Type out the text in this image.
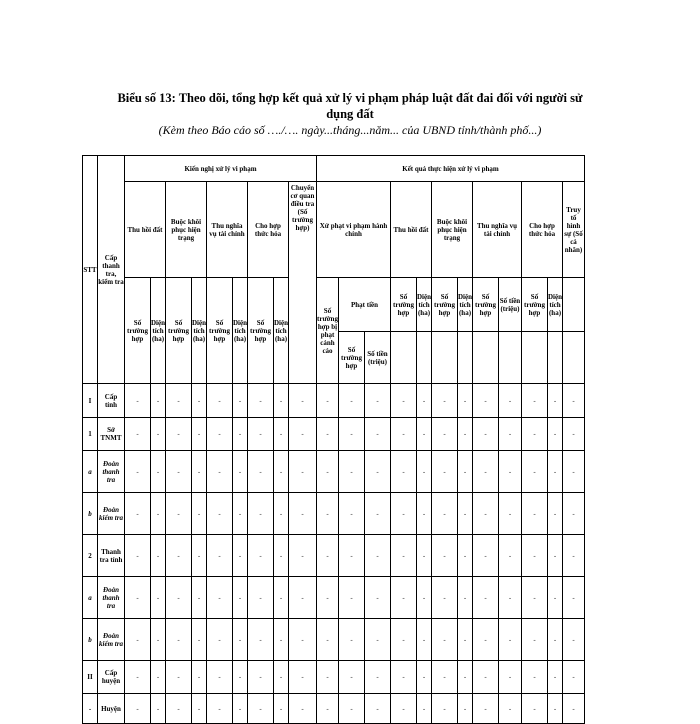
Biểu số 13: Theo dõi, tổng hợp kết quả xử lý vi phạm pháp luật đất đai đối với người sử
dụng đất
(Kèm theo Báo cáo số …./…. ngày...tháng...năm... của UBND tỉnh/thành phố...)
STT	Cấp thanh tra, kiểm tra	Kiến nghị xử lý vi phạm									Kết quả thực hiện xử lý vi phạm											
		Thu hồi đất		Buộc khôi phục hiện trạng		Thu nghĩa vụ tài chính		Cho hợp thức hóa		Chuyển cơ quan điều tra (Số trường hợp)	Xử phạt vi phạm hành chính			Thu hồi đất		Buộc khôi phục hiện trạng		Thu nghĩa vụ tài chính		Cho hợp thức hóa		Truy tố hình sự (Số cá nhân)
		Số trường hợp	Diện tích (ha)	Số trường hợp	Diện tích (ha)	Số trường hợp	Diện tích (ha)	Số trường hợp	Diện tích (ha)		Số trường hợp bị phạt cảnh cáo	Phạt tiền		Số trường hợp	Diện tích (ha)	Số trường hợp	Diện tích (ha)	Số trường hợp	Số tiền (triệu)	Số trường hợp	Diện tích (ha)	
												Số trường hợp	Số tiền (triệu)									
I	Cấp tỉnh	-	-	-	-	-	-	-	-	-	-	-	-	-	-	-	-	-	-	-	-	-
1	Sở TNMT	-	-	-	-	-	-	-	-	-	-	-	-	-	-	-	-	-	-	-	-	-
a	Đoàn thanh tra	-	-	-	-	-	-	-	-	-	-	-	-	-	-	-	-	-	-	-	-	-
b	Đoàn kiểm tra	-	-	-	-	-	-	-	-	-	-	-	-	-	-	-	-	-	-	-	-	-
2	Thanh tra tỉnh	-	-	-	-	-	-	-	-	-	-	-	-	-	-	-	-	-	-	-	-	-
a	Đoàn thanh tra	-	-	-	-	-	-	-	-	-	-	-	-	-	-	-	-	-	-	-	-	-
b	Đoàn kiểm tra	-	-	-	-	-	-	-	-	-	-	-	-	-	-	-	-	-	-	-	-	-
II	Cấp huyện	-	-	-	-	-	-	-	-	-	-	-	-	-	-	-	-	-	-	-	-	-
-	Huyện	-	-	-	-	-	-	-	-	-	-	-	-	-	-	-	-	-	-	-	-	-
